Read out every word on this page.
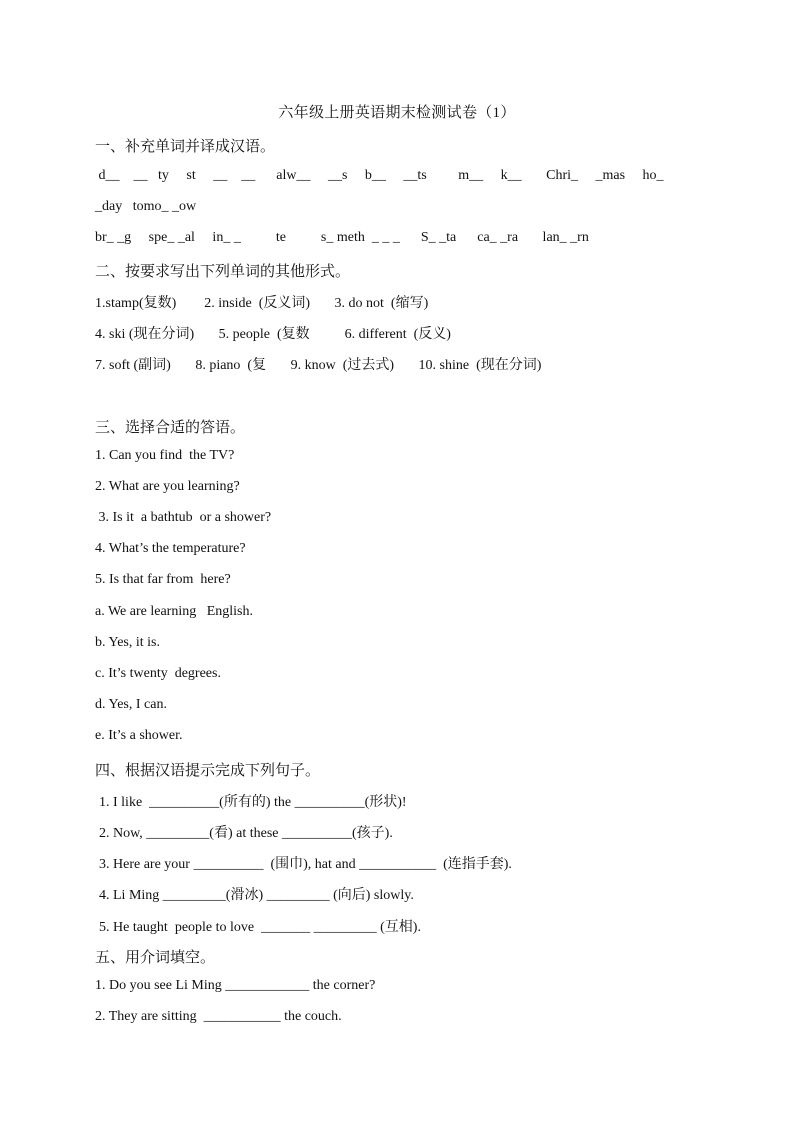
六年级上册英语期末检测试卷（1）
一、补充单词并译成汉语。
d__    __   ty     st     __    __      alw__     __s     b__     __ts         m__     k__       Chri_     _mas     ho_
_day   tomo_ _ow
br_ _g     spe_ _al     in_ _          te          s_ meth  _ _ _      S_ _ta      ca_ _ra       lan_ _rn
二、按要求写出下列单词的其他形式。
1.stamp(复数)        2. inside  (反义词)       3. do not  (缩写)
4. ski (现在分词)       5. people  (复数          6. different  (反义)
7. soft (副词)       8. piano  (复       9. know  (过去式)       10. shine  (现在分词)
三、选择合适的答语。
1. Can you find  the TV?
2. What are you learning?
3. Is it  a bathtub  or a shower?
4. What’s the temperature?
5. Is that far from  here?
a. We are learning   English.
b. Yes, it is.
c. It’s twenty  degrees.
d. Yes, I can.
e. It’s a shower.
四、根据汉语提示完成下列句子。
1. I like  __________(所有的) the __________(形状)!
2. Now, _________(看) at these __________(孩子).
3. Here are your __________  (围巾), hat and ___________  (连指手套).
4. Li Ming _________(滑冰) _________ (向后) slowly.
5. He taught  people to love  _______ _________ (互相).
五、用介词填空。
1. Do you see Li Ming ____________ the corner?
2. They are sitting  ___________ the couch.
